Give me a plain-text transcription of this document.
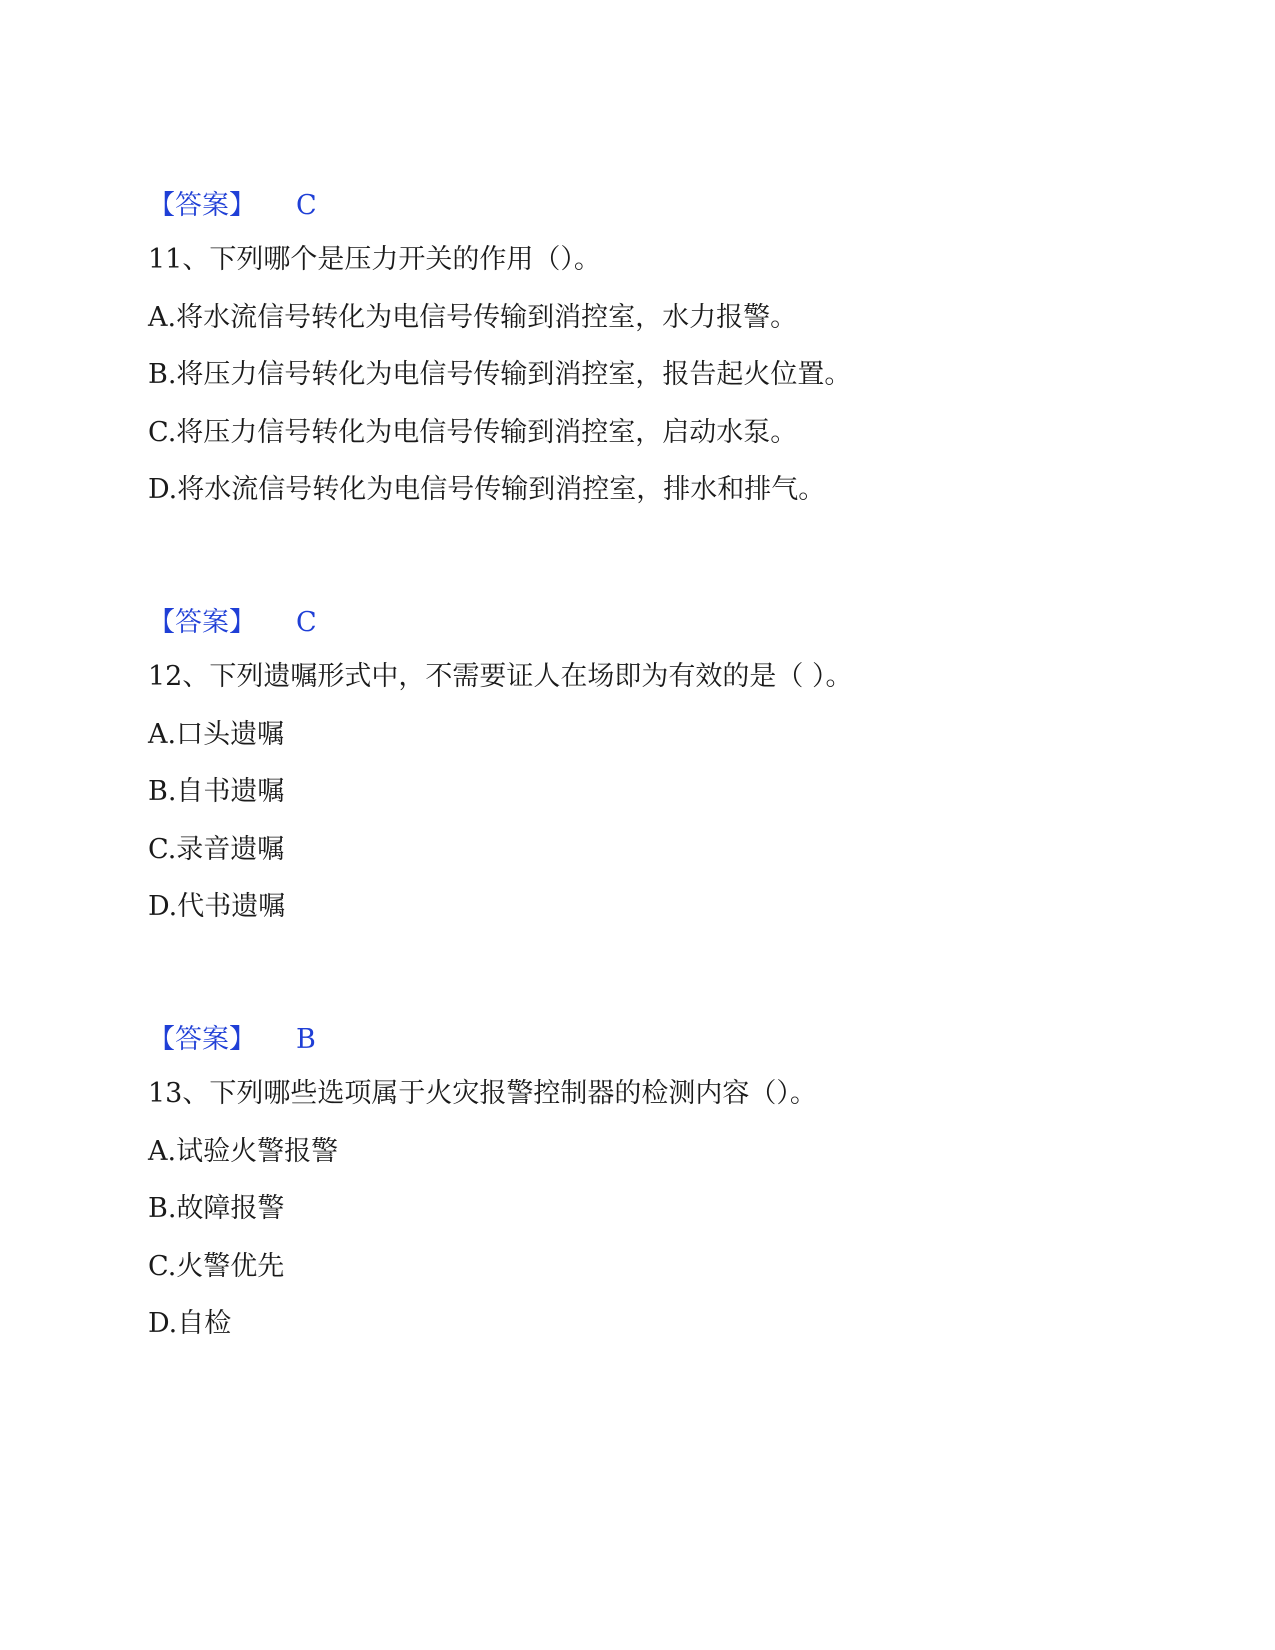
【答案】 C
11、下列哪个是压力开关的作用（）。
A.将水流信号转化为电信号传输到消控室，水力报警。
B.将压力信号转化为电信号传输到消控室，报告起火位置。
C.将压力信号转化为电信号传输到消控室，启动水泵。
D.将水流信号转化为电信号传输到消控室，排水和排气。
【答案】 C
12、下列遗嘱形式中，不需要证人在场即为有效的是（ ）。
A.口头遗嘱
B.自书遗嘱
C.录音遗嘱
D.代书遗嘱
【答案】 B
13、下列哪些选项属于火灾报警控制器的检测内容（）。
A.试验火警报警
B.故障报警
C.火警优先
D.自检
